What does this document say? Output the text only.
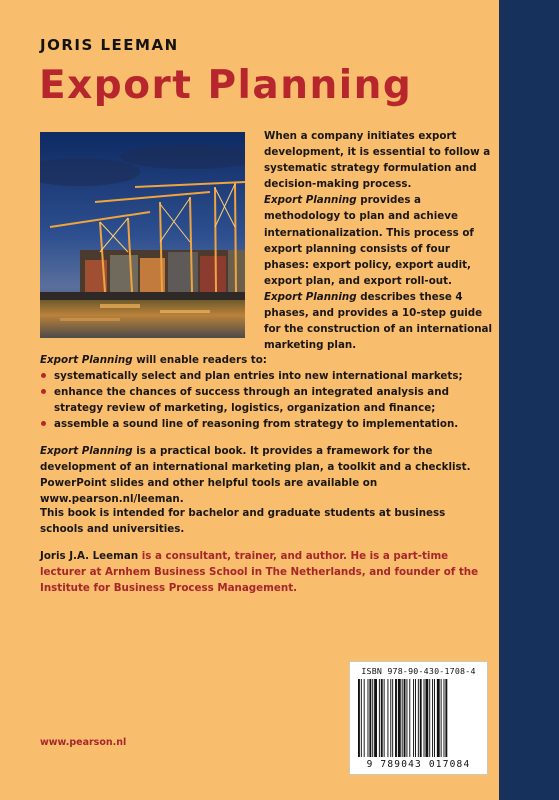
JORIS LEEMAN
Export Planning

When a company initiates export development, it is essential to follow a systematic strategy formulation and decision-making process.

Export Planning provides a methodology to plan and achieve internationalization. This process of export planning consists of four phases: export policy, export audit, export plan, and export roll-out.

Export Planning describes these 4 phases, and provides a 10-step guide for the construction of an international marketing plan.

Export Planning will enable readers to:

systematically select and plan entries into new international markets;
enhance the chances of success through an integrated analysis and strategy review of marketing, logistics, organization and finance;
assemble a sound line of reasoning from strategy to implementation.

Export Planning is a practical book. It provides a framework for the development of an international marketing plan, a toolkit and a checklist. PowerPoint slides and other helpful tools are available on www.pearson.nl/leeman.

This book is intended for bachelor and graduate students at business schools and universities.

Joris J.A. Leeman is a consultant, trainer, and author. He is a part-time lecturer at Arnhem Business School in The Netherlands, and founder of the Institute for Business Process Management.

ISBN 978-90-430-1708-4
9 789043 017084
www.pearson.nl
